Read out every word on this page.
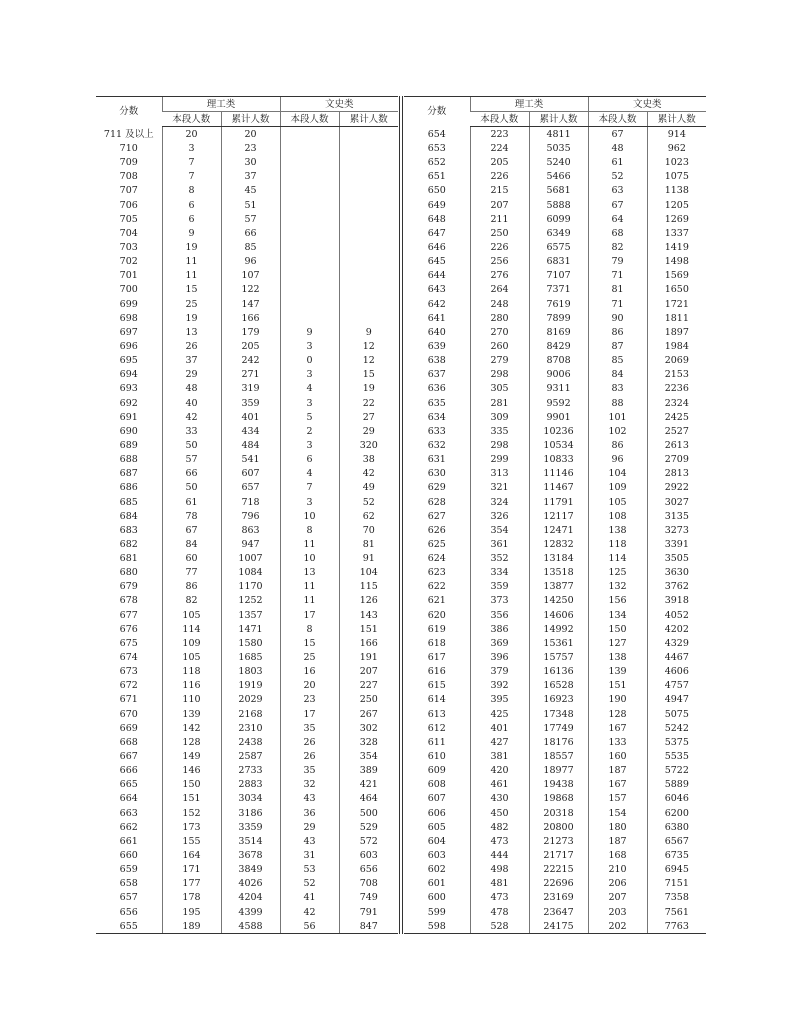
分数	理工类		文史类	
	本段人数	累计人数	本段人数	累计人数
711 及以上	20	20		
710	3	23		
709	7	30		
708	7	37		
707	8	45		
706	6	51		
705	6	57		
704	9	66		
703	19	85		
702	11	96		
701	11	107		
700	15	122		
699	25	147		
698	19	166		
697	13	179	9	9
696	26	205	3	12
695	37	242	0	12
694	29	271	3	15
693	48	319	4	19
692	40	359	3	22
691	42	401	5	27
690	33	434	2	29
689	50	484	3	320
688	57	541	6	38
687	66	607	4	42
686	50	657	7	49
685	61	718	3	52
684	78	796	10	62
683	67	863	8	70
682	84	947	11	81
681	60	1007	10	91
680	77	1084	13	104
679	86	1170	11	115
678	82	1252	11	126
677	105	1357	17	143
676	114	1471	8	151
675	109	1580	15	166
674	105	1685	25	191
673	118	1803	16	207
672	116	1919	20	227
671	110	2029	23	250
670	139	2168	17	267
669	142	2310	35	302
668	128	2438	26	328
667	149	2587	26	354
666	146	2733	35	389
665	150	2883	32	421
664	151	3034	43	464
663	152	3186	36	500
662	173	3359	29	529
661	155	3514	43	572
660	164	3678	31	603
659	171	3849	53	656
658	177	4026	52	708
657	178	4204	41	749
656	195	4399	42	791
655	189	4588	56	847
分数	理工类		文史类	
	本段人数	累计人数	本段人数	累计人数
654	223	4811	67	914
653	224	5035	48	962
652	205	5240	61	1023
651	226	5466	52	1075
650	215	5681	63	1138
649	207	5888	67	1205
648	211	6099	64	1269
647	250	6349	68	1337
646	226	6575	82	1419
645	256	6831	79	1498
644	276	7107	71	1569
643	264	7371	81	1650
642	248	7619	71	1721
641	280	7899	90	1811
640	270	8169	86	1897
639	260	8429	87	1984
638	279	8708	85	2069
637	298	9006	84	2153
636	305	9311	83	2236
635	281	9592	88	2324
634	309	9901	101	2425
633	335	10236	102	2527
632	298	10534	86	2613
631	299	10833	96	2709
630	313	11146	104	2813
629	321	11467	109	2922
628	324	11791	105	3027
627	326	12117	108	3135
626	354	12471	138	3273
625	361	12832	118	3391
624	352	13184	114	3505
623	334	13518	125	3630
622	359	13877	132	3762
621	373	14250	156	3918
620	356	14606	134	4052
619	386	14992	150	4202
618	369	15361	127	4329
617	396	15757	138	4467
616	379	16136	139	4606
615	392	16528	151	4757
614	395	16923	190	4947
613	425	17348	128	5075
612	401	17749	167	5242
611	427	18176	133	5375
610	381	18557	160	5535
609	420	18977	187	5722
608	461	19438	167	5889
607	430	19868	157	6046
606	450	20318	154	6200
605	482	20800	180	6380
604	473	21273	187	6567
603	444	21717	168	6735
602	498	22215	210	6945
601	481	22696	206	7151
600	473	23169	207	7358
599	478	23647	203	7561
598	528	24175	202	7763
